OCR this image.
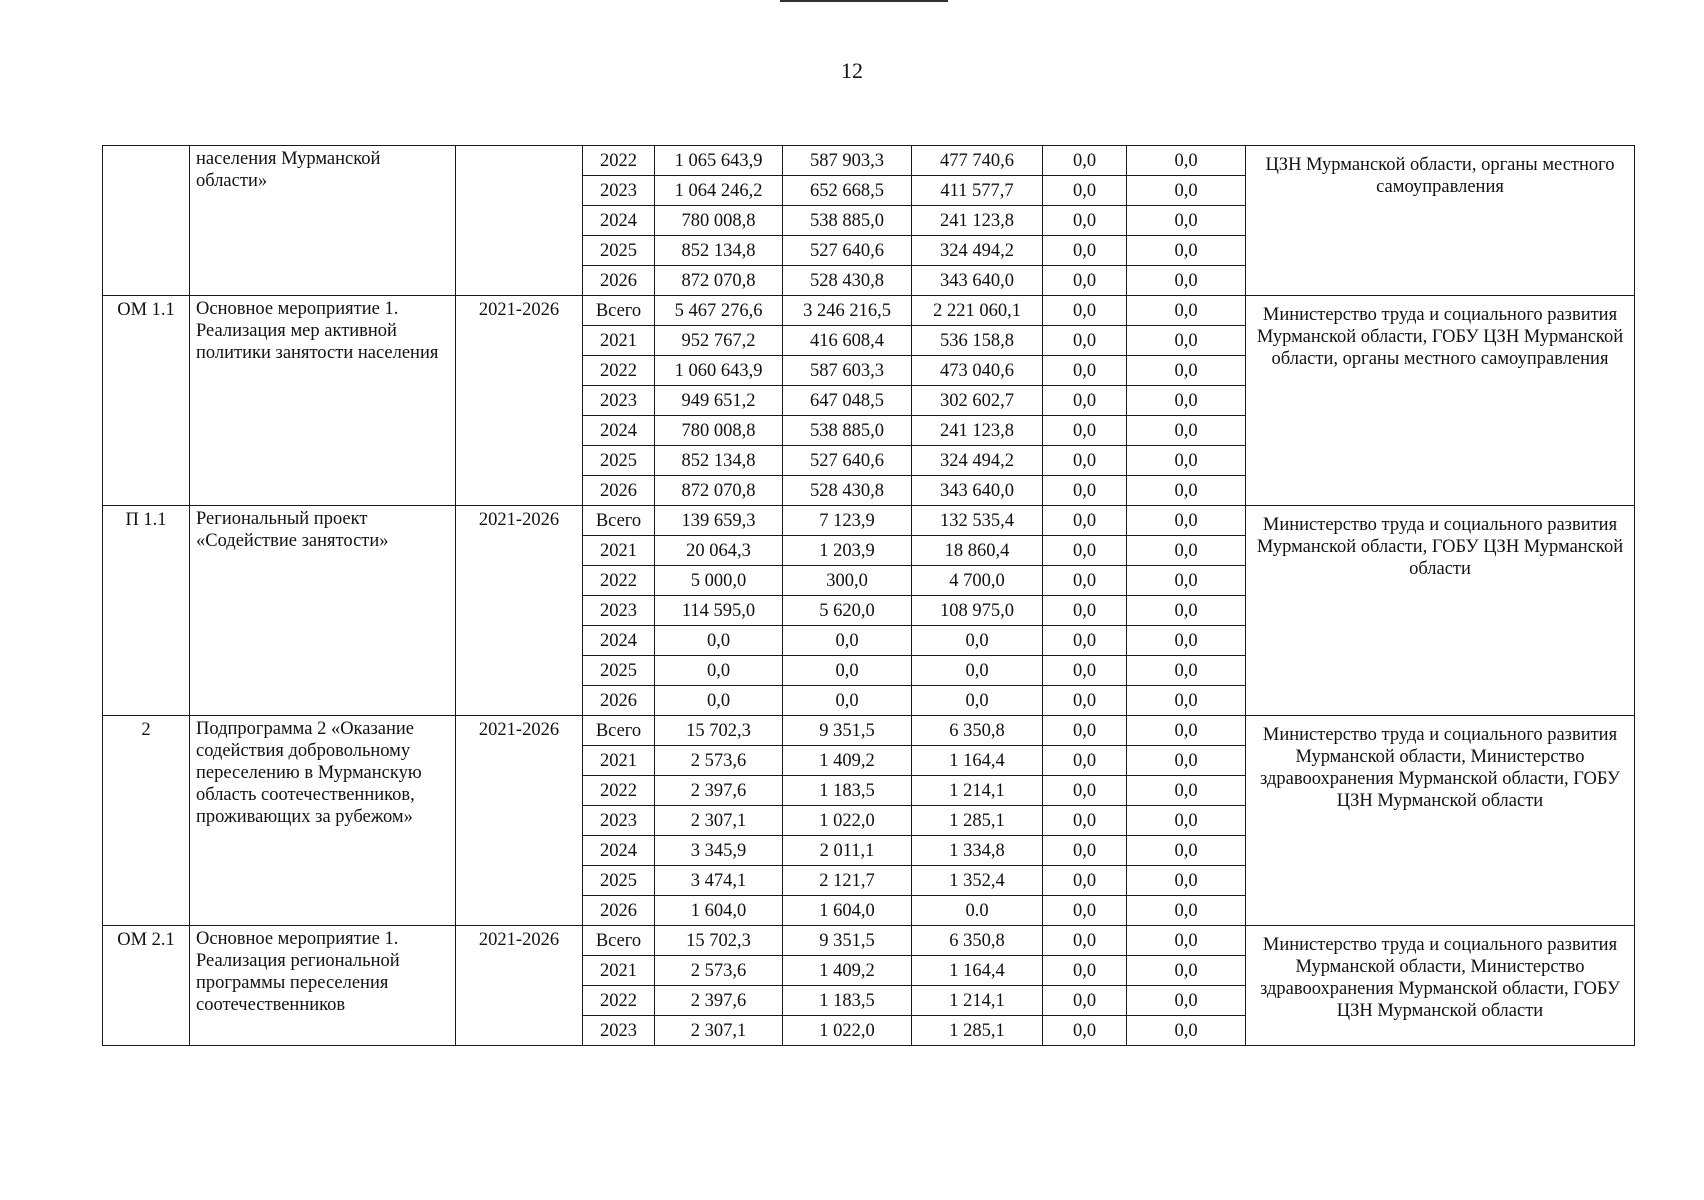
12
	населения Мурманской области»		2022	1 065 643,9	587 903,3	477 740,6	0,0	0,0	ЦЗН Мурманской области, органы местного самоуправления
			2023	1 064 246,2	652 668,5	411 577,7	0,0	0,0	
			2024	780 008,8	538 885,0	241 123,8	0,0	0,0	
			2025	852 134,8	527 640,6	324 494,2	0,0	0,0	
			2026	872 070,8	528 430,8	343 640,0	0,0	0,0	
ОМ 1.1	Основное мероприятие 1. Реализация мер активной политики занятости населения	2021-2026	Всего	5 467 276,6	3 246 216,5	2 221 060,1	0,0	0,0	Министерство труда и социального развития Мурманской области, ГОБУ ЦЗН Мурманской области, органы местного самоуправления
			2021	952 767,2	416 608,4	536 158,8	0,0	0,0	
			2022	1 060 643,9	587 603,3	473 040,6	0,0	0,0	
			2023	949 651,2	647 048,5	302 602,7	0,0	0,0	
			2024	780 008,8	538 885,0	241 123,8	0,0	0,0	
			2025	852 134,8	527 640,6	324 494,2	0,0	0,0	
			2026	872 070,8	528 430,8	343 640,0	0,0	0,0	
П 1.1	Региональный проект «Содействие занятости»	2021-2026	Всего	139 659,3	7 123,9	132 535,4	0,0	0,0	Министерство труда и социального развития Мурманской области, ГОБУ ЦЗН Мурманской области
			2021	20 064,3	1 203,9	18 860,4	0,0	0,0	
			2022	5 000,0	300,0	4 700,0	0,0	0,0	
			2023	114 595,0	5 620,0	108 975,0	0,0	0,0	
			2024	0,0	0,0	0,0	0,0	0,0	
			2025	0,0	0,0	0,0	0,0	0,0	
			2026	0,0	0,0	0,0	0,0	0,0	
2	Подпрограмма 2 «Оказание содействия добровольному переселению в Мурманскую область соотечественников, проживающих за рубежом»	2021-2026	Всего	15 702,3	9 351,5	6 350,8	0,0	0,0	Министерство труда и социального развития Мурманской области, Министерство здравоохранения Мурманской области, ГОБУ ЦЗН Мурманской области
			2021	2 573,6	1 409,2	1 164,4	0,0	0,0	
			2022	2 397,6	1 183,5	1 214,1	0,0	0,0	
			2023	2 307,1	1 022,0	1 285,1	0,0	0,0	
			2024	3 345,9	2 011,1	1 334,8	0,0	0,0	
			2025	3 474,1	2 121,7	1 352,4	0,0	0,0	
			2026	1 604,0	1 604,0	0.0	0,0	0,0	
ОМ 2.1	Основное мероприятие 1. Реализация региональной программы переселения соотечественников	2021-2026	Всего	15 702,3	9 351,5	6 350,8	0,0	0,0	Министерство труда и социального развития Мурманской области, Министерство здравоохранения Мурманской области, ГОБУ ЦЗН Мурманской области
			2021	2 573,6	1 409,2	1 164,4	0,0	0,0	
			2022	2 397,6	1 183,5	1 214,1	0,0	0,0	
			2023	2 307,1	1 022,0	1 285,1	0,0	0,0	
